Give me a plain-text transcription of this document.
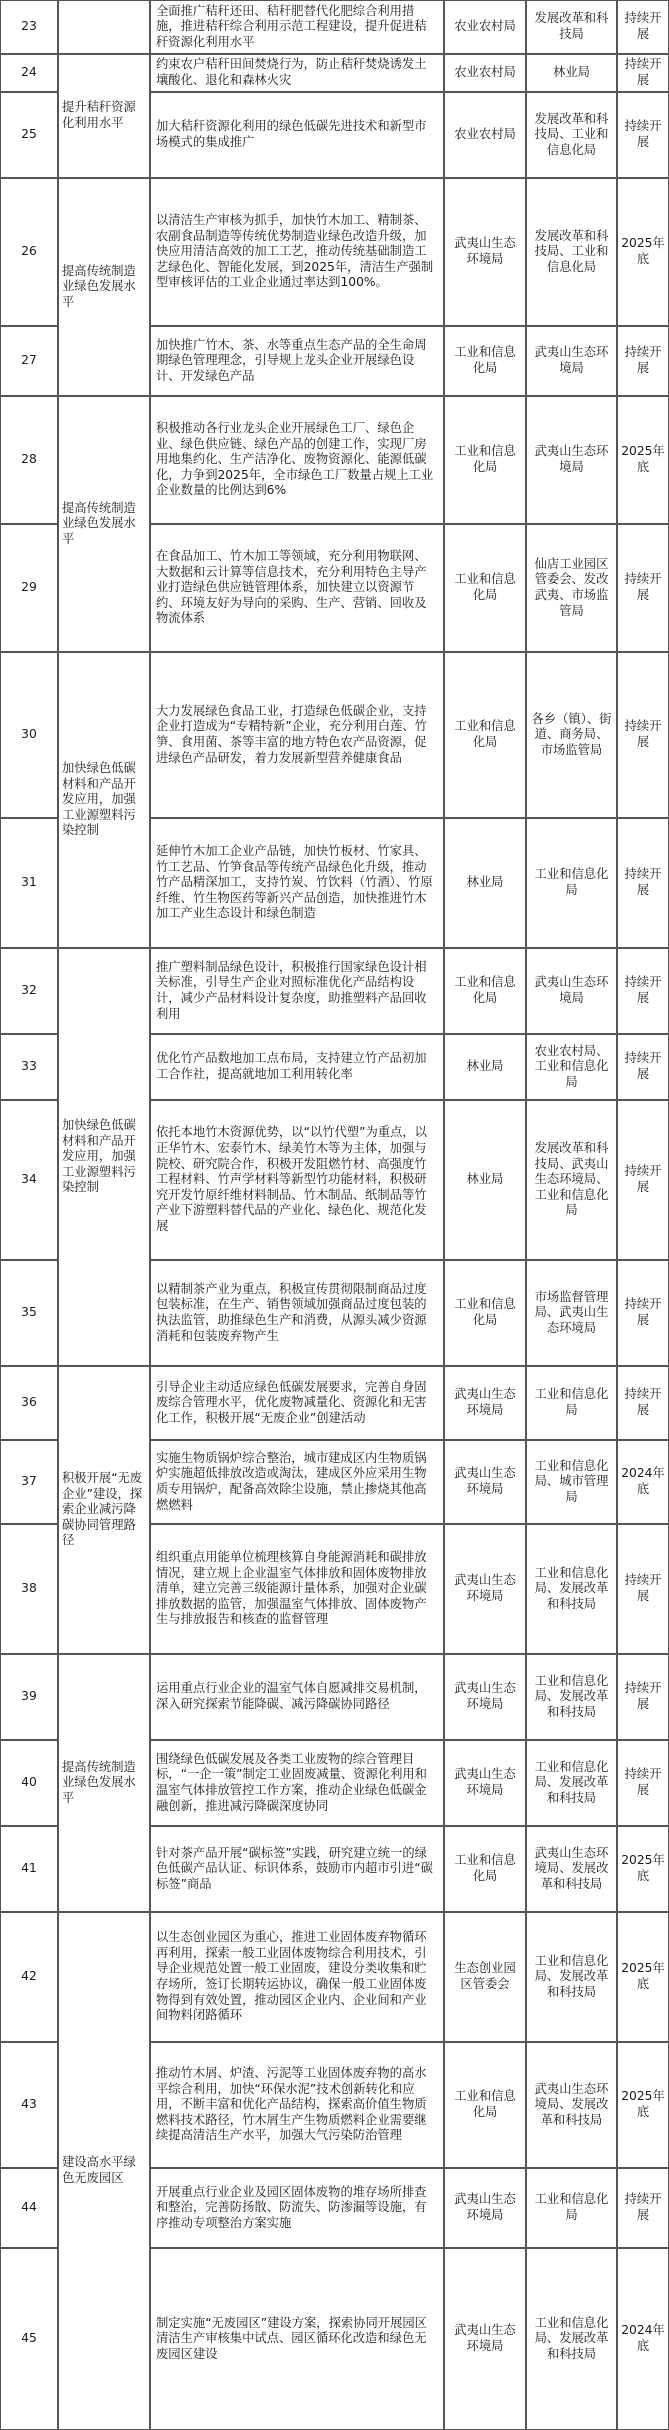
23
全面推广秸秆还田、秸秆肥替代化肥综合利用措施，推进秸秆综合利用示范工程建设，提升促进秸秆资源化利用水平
农业农村局
发展改革和科技局
持续开展
24
约束农户秸秆田间焚烧行为，防止秸秆焚烧诱发土壤酸化、退化和森林火灾
农业农村局	林业局
持续开展
25
加大秸秆资源化利用的绿色低碳先进技术和新型市场模式的集成推广
农业农村局
发展改革和科技局、工业和信息化局
持续开展
26
以清洁生产审核为抓手，加快竹木加工、精制茶、农副食品制造等传统优势制造业绿色改造升级，加快应用清洁高效的加工工艺，推动传统基础制造工艺绿色化、智能化发展，到2025年，清洁生产强制型审核评估的工业企业通过率达到100%。
武夷山生态环境局
发展改革和科技局、工业和信息化局
2025年底
27
加快推广竹木、茶、水等重点生态产品的全生命周期绿色管理理念，引导规上龙头企业开展绿色设计、开发绿色产品
工业和信息化局
武夷山生态环境局
持续开展
28
积极推动各行业龙头企业开展绿色工厂、绿色企业、绿色供应链、绿色产品的创建工作，实现厂房用地集约化、生产洁净化、废物资源化、能源低碳化，力争到2025年，全市绿色工厂数量占规上工业企业数量的比例达到6%
工业和信息化局
武夷山生态环境局
2025年底
29
在食品加工、竹木加工等领域，充分利用物联网、大数据和云计算等信息技术，充分利用特色主导产业打造绿色供应链管理体系，加快建立以资源节约、环境友好为导向的采购、生产、营销、回收及物流体系
工业和信息化局
仙店工业园区管委会、发改武夷、市场监管局
持续开展
30
大力发展绿色食品工业，打造绿色低碳企业，支持企业打造成为“专精特新”企业，充分利用白莲、竹笋、食用菌、茶等丰富的地方特色农产品资源，促进绿色产品研发，着力发展新型营养健康食品
工业和信息化局
各乡（镇）、街道、商务局、市场监管局
持续开展
31
延伸竹木加工企业产品链，加快竹板材、竹家具、竹工艺品、竹笋食品等传统产品绿色化升级，推动竹产品精深加工，支持竹炭、竹饮料（竹酒）、竹原纤维、竹生物医药等新兴产品创造，加快推进竹木加工产业生态设计和绿色制造
林业局
工业和信息化局
持续开展
32
推广塑料制品绿色设计，积极推行国家绿色设计相关标准，引导生产企业对照标准优化产品结构设计，减少产品材料设计复杂度，助推塑料产品回收利用
工业和信息化局
武夷山生态环境局
持续开展
33
优化竹产品数地加工点布局，支持建立竹产品初加工合作社，提高就地加工利用转化率
林业局
农业农村局、工业和信息化局
持续开展
34
依托本地竹木资源优势，以“以竹代塑”为重点，以正华竹木、宏泰竹木、绿美竹木等为主体，加强与院校、研究院合作，积极开发阻燃竹材、高强度竹工程材料、竹声学材料等新型竹功能材料，积极研究开发竹原纤维材料制品、竹木制品、纸制品等竹产业下游塑料替代品的产业化、绿色化、规范化发展
林业局
发展改革和科技局、武夷山生态环境局、工业和信息化局
持续开展
35
以精制茶产业为重点，积极宣传贯彻限制商品过度包装标准，在生产、销售领域加强商品过度包装的执法监管，助推绿色生产和消费，从源头减少资源消耗和包装废弃物产生
工业和信息化局
市场监督管理局、武夷山生态环境局
持续开展
36
引导企业主动适应绿色低碳发展要求，完善自身固废综合管理水平，优化废物减量化、资源化和无害化工作，积极开展“无废企业”创建活动
武夷山生态环境局
工业和信息化局
持续开展
37
实施生物质锅炉综合整治，城市建成区内生物质锅炉实施超低排放改造或淘汰，建成区外应采用生物质专用锅炉，配备高效除尘设施，禁止掺烧其他高燃燃料
武夷山生态环境局
工业和信息化局、城市管理局
2024年底
38
组织重点用能单位梳理核算自身能源消耗和碳排放情况，建立规上企业温室气体排放和固体废物排放清单，建立完善三级能源计量体系，加强对企业碳排放数据的监管，加强温室气体排放、固体废物产生与排放报告和核查的监督管理
武夷山生态环境局
工业和信息化局、发展改革和科技局
持续开展
39
运用重点行业企业的温室气体自愿减排交易机制，深入研究探索节能降碳、减污降碳协同路径
武夷山生态环境局
工业和信息化局、发展改革和科技局
持续开展
40
围绕绿色低碳发展及各类工业废物的综合管理目标，“一企一策”制定工业固废减量、资源化利用和温室气体排放管控工作方案，推动企业绿色低碳金融创新，推进减污降碳深度协同
武夷山生态环境局
工业和信息化局、发展改革和科技局
持续开展
41
针对茶产品开展“碳标签”实践，研究建立统一的绿色低碳产品认证、标识体系，鼓励市内超市引进“碳标签”商品
工业和信息化局
武夷山生态环境局、发展改革和科技局
2025年底
42
以生态创业园区为重心，推进工业固体废弃物循环再利用，探索一般工业固体废物综合利用技术，引导企业规范处置一般工业固废，建设分类收集和贮存场所，签订长期转运协议，确保一般工业固体废物得到有效处置，推动园区企业内、企业间和产业间物料闭路循环
生态创业园区管委会
工业和信息化局、发展改革和科技局
2025年底
43
推动竹木屑、炉渣、污泥等工业固体废弃物的高水平综合利用，加快“环保水泥”技术创新转化和应用，不断丰富和优化产品结构，探索高价值生物质燃料技术路径，竹木屑生产生物质燃料企业需要继续提高清洁生产水平，加强大气污染防治管理
工业和信息化局
武夷山生态环境局、发展改革和科技局
2025年底
44
开展重点行业企业及园区固体废物的堆存场所排查和整治，完善防扬散、防流失、防渗漏等设施，有序推动专项整治方案实施
武夷山生态环境局
工业和信息化局
持续开展
45
制定实施“无废园区”建设方案，探索协同开展园区清洁生产审核集中试点、园区循环化改造和绿色无废园区建设
武夷山生态环境局
工业和信息化局、发展改革和科技局
2024年底
提升秸秆资源化利用水平
提高传统制造业绿色发展水平
提高传统制造业绿色发展水平
加快绿色低碳材料和产品开发应用，加强工业源塑料污染控制
加快绿色低碳材料和产品开发应用，加强工业源塑料污染控制
积极开展“无废企业”建设，探索企业减污降碳协同管理路径
提高传统制造业绿色发展水平
建设高水平绿色无废园区
